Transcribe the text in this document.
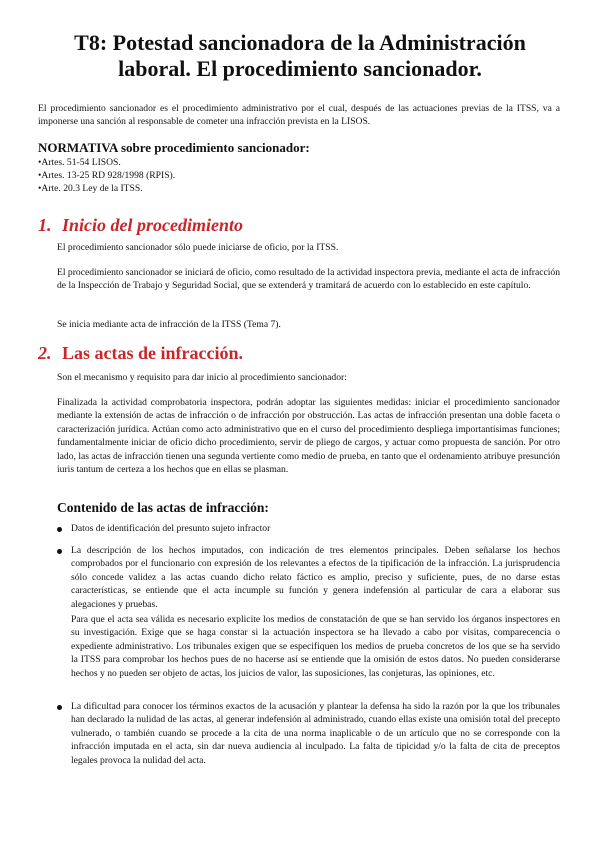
T8: Potestad sancionadora de la Administración laboral. El procedimiento sancionador.

El procedimiento sancionador es el procedimiento administrativo por el cual, después de las actuaciones previas de la ITSS, va a imponerse una sanción al responsable de cometer una infracción prevista en la LISOS.

NORMATIVA sobre procedimiento sancionador:
• Artes. 51-54 LISOS.
• Artes. 13-25 RD 928/1998 (RPIS).
• Arte. 20.3 Ley de la ITSS.
1. Inicio del procedimiento

El procedimiento sancionador sólo puede iniciarse de oficio, por la ITSS.

El procedimiento sancionador se iniciará de oficio, como resultado de la actividad inspectora previa, mediante el acta de infracción de la Inspección de Trabajo y Seguridad Social, que se extenderá y tramitará de acuerdo con lo establecido en este capítulo.

Se inicia mediante acta de infracción de la ITSS (Tema 7).

2. Las actas de infracción.

Son el mecanismo y requisito para dar inicio al procedimiento sancionador:

Finalizada la actividad comprobatoria inspectora, podrán adoptar las siguientes medidas: iniciar el procedimiento sancionador mediante la extensión de actas de infracción o de infracción por obstrucción. Las actas de infracción presentan una doble faceta o caracterización jurídica. Actúan como acto administrativo que en el curso del procedimiento despliega importantísimas funciones; fundamentalmente iniciar de oficio dicho procedimiento, servir de pliego de cargos, y actuar como propuesta de sanción. Por otro lado, las actas de infracción tienen una segunda vertiente como medio de prueba, en tanto que el ordenamiento atribuye presunción iuris tantum de certeza a los hechos que en ellas se plasman.

Contenido de las actas de infracción:
Datos de identificación del presunto sujeto infractor
La descripción de los hechos imputados, con indicación de tres elementos principales. Deben señalarse los hechos comprobados por el funcionario con expresión de los relevantes a efectos de la tipificación de la infracción. La jurisprudencia sólo concede validez a las actas cuando dicho relato fáctico es amplio, preciso y suficiente, pues, de no darse estas características, se entiende que el acta incumple su función y genera indefensión al particular de cara a elaborar sus alegaciones y pruebas.

Para que el acta sea válida es necesario explicite los medios de constatación de que se han servido los órganos inspectores en su investigación. Exige que se haga constar si la actuación inspectora se ha llevado a cabo por visitas, comparecencia o expediente administrativo. Los tribunales exigen que se especifiquen los medios de prueba concretos de los que se ha servido la ITSS para comprobar los hechos pues de no hacerse así se entiende que la omisión de estos datos. No pueden considerarse hechos y no pueden ser objeto de actas, los juicios de valor, las suposiciones, las conjeturas, las opiniones, etc.

La dificultad para conocer los términos exactos de la acusación y plantear la defensa ha sido la razón por la que los tribunales han declarado la nulidad de las actas, al generar indefensión al administrado, cuando ellas existe una omisión total del precepto vulnerado, o también cuando se procede a la cita de una norma inaplicable o de un artículo que no se corresponde con la infracción imputada en el acta, sin dar nueva audiencia al inculpado. La falta de tipicidad y/o la falta de cita de preceptos legales provoca la nulidad del acta.
